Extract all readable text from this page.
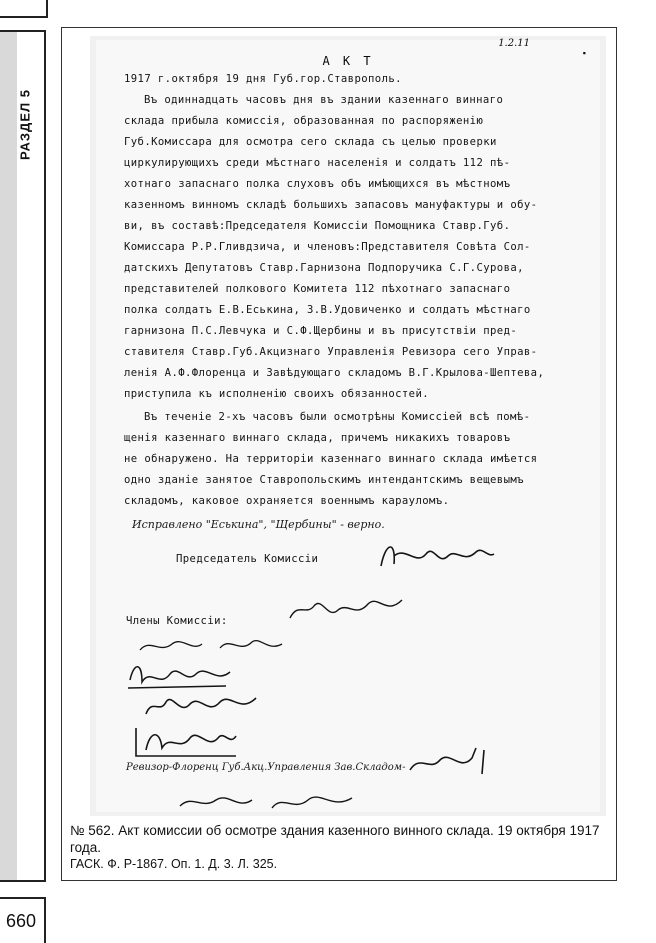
РАЗДЕЛ 5
1.2.11
▪
А К Т
1917 г.октября 19 дня Губ.гор.Ставрополь.
Въ одиннадцать часовъ дня въ здании казеннаго виннаго
склада прибыла комиссія, образованная по распоряженію
Губ.Комиссара для осмотра сего склада съ целью проверки
циркулирующихъ среди мѣстнаго населенія и солдатъ 112 пѣ-
хотнаго запаснаго полка слуховъ объ имѣющихся въ мѣстномъ
казенномъ винномъ складѣ большихъ запасовъ мануфактуры и обу-
ви, въ составѣ:Председателя Комиссіи Помощника Ставр.Губ.
Комиссара Р.Р.Гливдзича, и членовъ:Представителя Совѣта Сол-
датскихъ Депутатовъ Ставр.Гарнизона Подпоручика С.Г.Сурова,
представителей полкового Комитета 112 пѣхотнаго запаснаго
полка солдатъ Е.В.Еськина, З.В.Удовиченко и солдатъ мѣстнаго
гарнизона П.С.Левчука и С.Ф.Щербины и въ присутствіи пред-
ставителя Ставр.Губ.Акцизнаго Управленія Ревизора сего Управ-
ленія А.Ф.Флоренца и Завѣдующаго складомъ В.Г.Крылова-Шептева,
приступила къ исполненію своихъ обязанностей.
Въ теченіе 2-хъ часовъ были осмотрѣны Комиссіей всѣ помѣ-
щенія казеннаго виннаго склада, причемъ никакихъ товаровъ
не обнаружено. На территоріи казеннаго виннаго склада имѣется
одно зданіе занятое Ставропольскимъ интендантскимъ вещевымъ
складомъ, каковое охраняется военнымъ карауломъ.
Исправлено "Еськина", "Щербины" - верно.
Председатель Комиссіи
Члены Комиссіи:
Ревизор-Флоренц Губ.Акц.Управления Зав.Складом-
№ 562. Акт комиссии об осмотре здания казенного винного склада. 19 октября 1917 года.
ГАСК. Ф. Р-1867. Оп. 1. Д. 3. Л. 325.
660
